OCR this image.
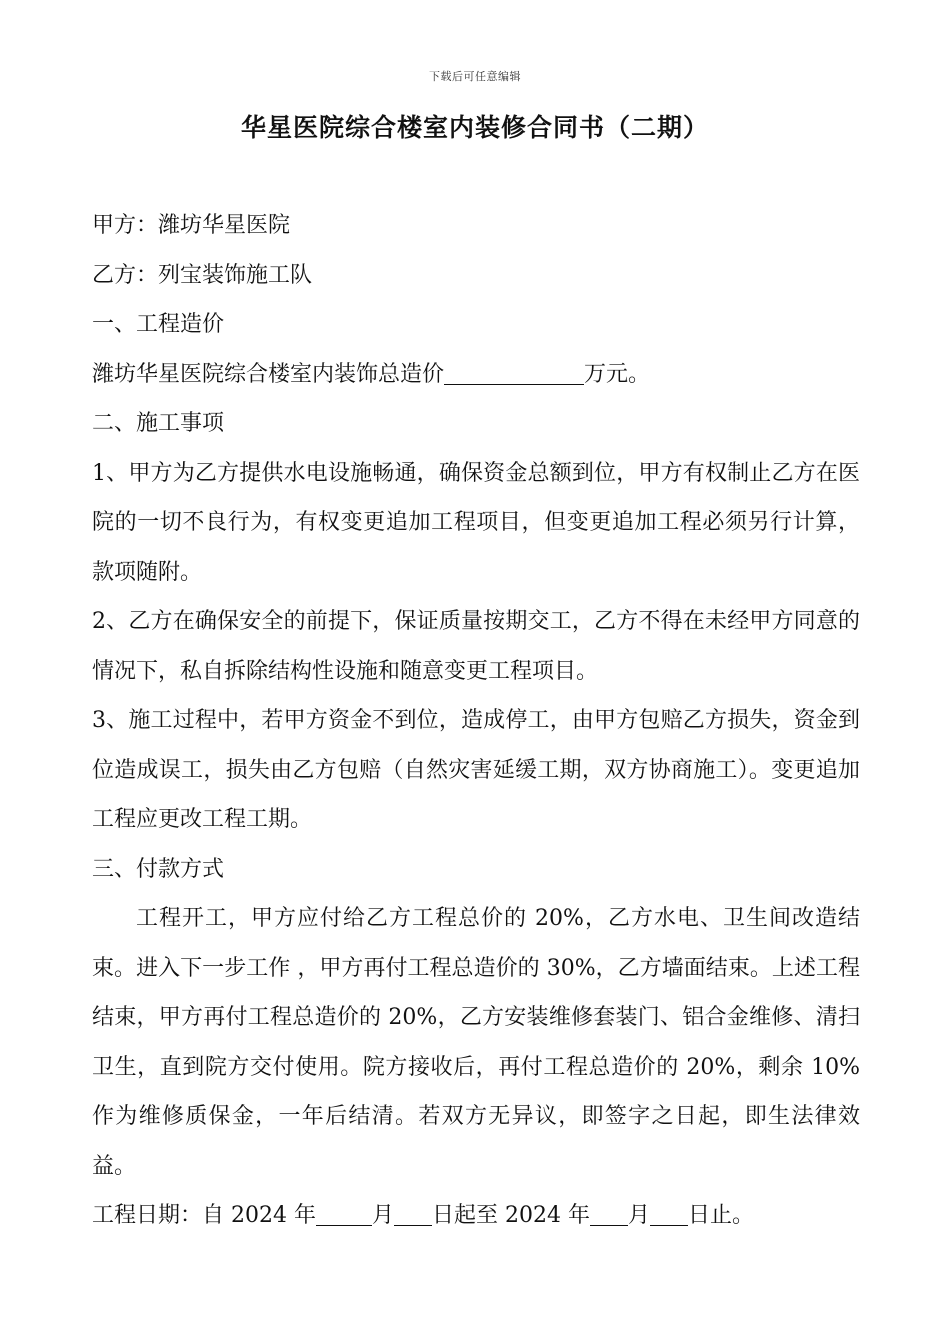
下载后可任意编辑
华星医院综合楼室内装修合同书（二期）

甲方：潍坊华星医院

乙方：列宝装饰施工队

一、工程造价

潍坊华星医院综合楼室内装饰总造价	万元。

二、施工事项

1、甲方为乙方提供水电设施畅通，确保资金总额到位，甲方有权制止乙方在医院的一切不良行为，有权变更追加工程项目，但变更追加工程必须另行计算，款项随附。

2、乙方在确保安全的前提下，保证质量按期交工，乙方不得在未经甲方同意的情况下，私自拆除结构性设施和随意变更工程项目。

3、施工过程中，若甲方资金不到位，造成停工，由甲方包赔乙方损失，资金到位造成误工，损失由乙方包赔（自然灾害延缓工期，双方协商施工）。变更追加工程应更改工程工期。

三、付款方式

工程开工，甲方应付给乙方工程总价的 20%，乙方水电、卫生间改造结束。进入下一步工作 ，甲方再付工程总造价的 30%，乙方墙面结束。上述工程结束，甲方再付工程总造价的 20%，乙方安装维修套装门、铝合金维修、清扫卫生，直到院方交付使用。院方接收后，再付工程总造价的 20%，剩余 10%作为维修质保金，一年后结清。若双方无异议，即签字之日起，即生法律效益。

工程日期：自 2024 年	月 日起至 2024 年 月 日止。
